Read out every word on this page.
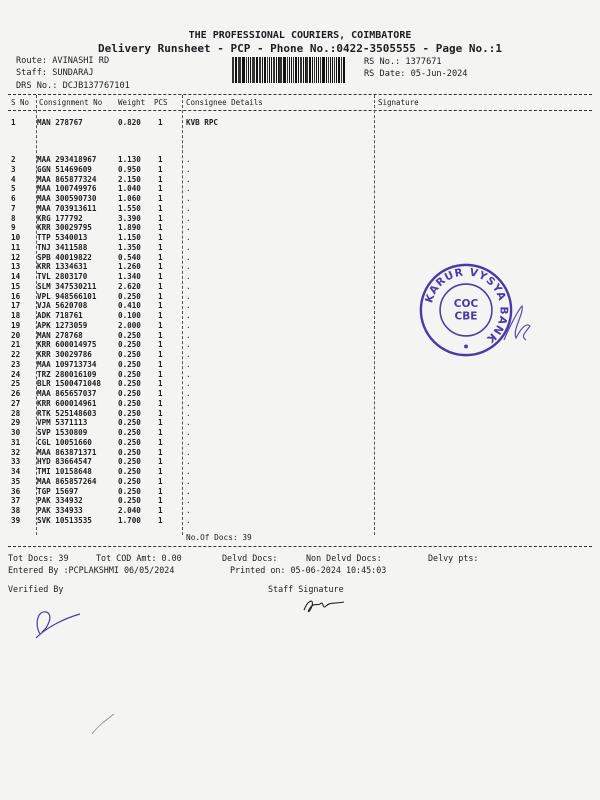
THE PROFESSIONAL COURIERS, COIMBATORE
Delivery Runsheet - PCP - Phone No.:0422-3505555 - Page No.:1
Route: AVINASHI RD
Staff: SUNDARAJ
DRS No.: DCJB137767101
RS No.: 1377671
RS Date: 05-Jun-2024
S No Consignment No Weight PCS Consignee Details	Signature
1	MAN 278767	0.820 1	KVB RPC
2	MAA 293418967	1.130 1	.
3	GGN 51469609	0.950 1	.
4	MAA 865877324	2.150 1	.
5	MAA 100749976	1.040 1	.
6	MAA 300590730	1.060 1	.
7	MAA 703913611	1.550 1	.
8	KRG 177792	3.390 1	.
9	KRR 30029795	1.890 1	.
10 TTP 5340013	1.150 1	.
11 TNJ 3411588	1.350 1	.
12 SPB 40019822	0.540 1	.
13 KRR 1334631	1.260 1	.
14 TVL 2803170	1.340 1	.
15 SLM 347530211	2.620 1	.
16 VPL 948566101	0.250 1	.
17 VJA 5620708	0.410 1	.
18 ADK 718761	0.100 1	.
19 APK 1273059	2.000 1	.
20 MAN 278768	0.250 1	.
21 KRR 600014975	0.250 1	.
22 KRR 30029786	0.250 1	.
23 MAA 109713734	0.250 1	.
24 TRZ 280016109	0.250 1	.
25 BLR 1500471048 0.250 1	.
26 MAA 865657037	0.250 1	.
27 KRR 600014961	0.250 1	.
28 RTK 525148603	0.250 1	.
29 VPM 5371113	0.250 1	.
30 SVP 1530809	0.250 1	.
31 CGL 10051660	0.250 1	.
32 MAA 863871371	0.250 1	.
33 HYD 83664547	0.250 1	.
34 TMI 10158648	0.250 1	.
35 MAA 865857264	0.250 1	.
36 TGP 15697	0.250 1	.
37 PAK 334932	0.250 1	.
38 PAK 334933	2.040 1	.
39 SVK 10513535	1.700 1	.
No.Of Docs: 39
Tot Docs: 39	Tot COD Amt: 0.00	Delvd Docs:	Non Delvd Docs:	Delvy pts:
Entered By :PCPLAKSHMI 06/05/2024	Printed on: 05-06-2024 10:45:03
Verified By	Staff Signature
KARUR VYSYA BANK
COC
CBE
